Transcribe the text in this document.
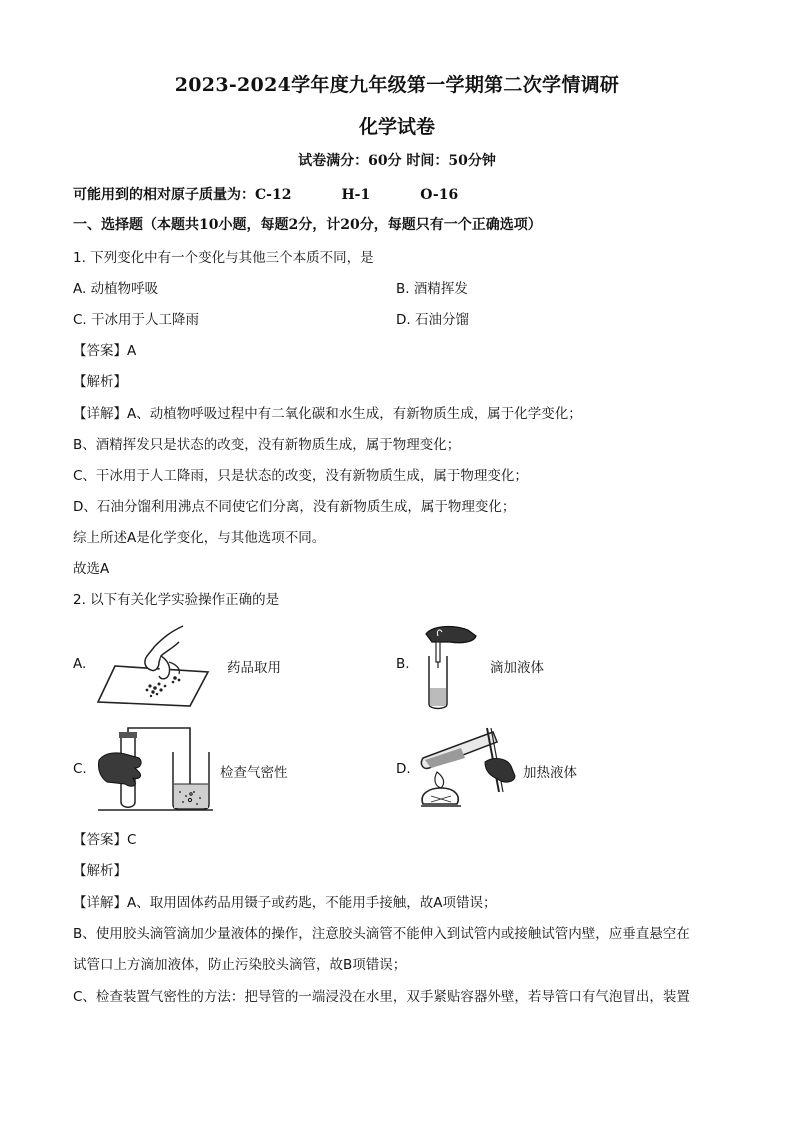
2023-2024学年度九年级第一学期第二次学情调研
化学试卷
试卷满分：60分 时间：50分钟
可能用到的相对原子质量为：C-12	H-1	O-16
一、选择题（本题共10小题，每题2分，计20分，每题只有一个正确选项）
1. 下列变化中有一个变化与其他三个本质不同，是
A. 动植物呼吸	B. 酒精挥发
C. 干冰用于人工降雨	D. 石油分馏
【答案】A
【解析】
【详解】A、动植物呼吸过程中有二氧化碳和水生成，有新物质生成，属于化学变化；
B、酒精挥发只是状态的改变，没有新物质生成，属于物理变化；
C、干冰用于人工降雨，只是状态的改变，没有新物质生成，属于物理变化；
D、石油分馏利用沸点不同使它们分离，没有新物质生成，属于物理变化；
综上所述A是化学变化，与其他选项不同。
故选A
2. 以下有关化学实验操作正确的是
A.	药品取用	B.	滴加液体
C.	检查气密性	D.	加热液体
【答案】C
【解析】
【详解】A、取用固体药品用镊子或药匙，不能用手接触，故A项错误；
B、使用胶头滴管滴加少量液体的操作，注意胶头滴管不能伸入到试管内或接触试管内壁，应垂直悬空在
试管口上方滴加液体，防止污染胶头滴管，故B项错误；
C、检查装置气密性的方法：把导管的一端浸没在水里，双手紧贴容器外壁，若导管口有气泡冒出，装置
